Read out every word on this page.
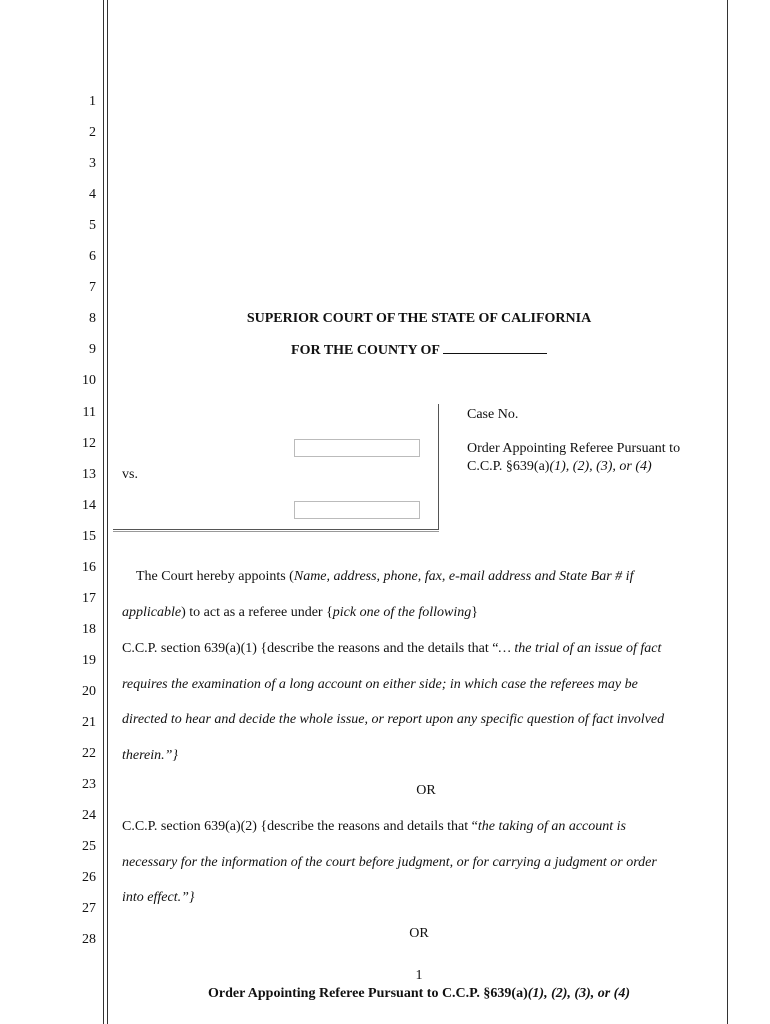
1
2
3
4
5
6
7
8
9
10
11
12
13
14
15
16
17
18
19
20
21
22
23
24
25
26
27
28
SUPERIOR COURT OF THE STATE OF CALIFORNIA
FOR THE COUNTY OF
vs.
Case No.
Order Appointing Referee Pursuant to
C.C.P. §639(a)(1), (2), (3), or (4)
The Court hereby appoints (Name, address, phone, fax, e-mail address and State Bar # if
applicable) to act as a referee under {pick one of the following}
C.C.P. section 639(a)(1) {describe the reasons and the details that “… the trial of an issue of fact
requires the examination of a long account on either side; in which case the referees may be
directed to hear and decide the whole issue, or report upon any specific question of fact involved
therein.”}
OR
C.C.P. section 639(a)(2) {describe the reasons and details that “the taking of an account is
necessary for the information of the court before judgment, or for carrying a judgment or order
into effect.”}
OR
1
Order Appointing Referee Pursuant to C.C.P. §639(a)(1), (2), (3), or (4)
